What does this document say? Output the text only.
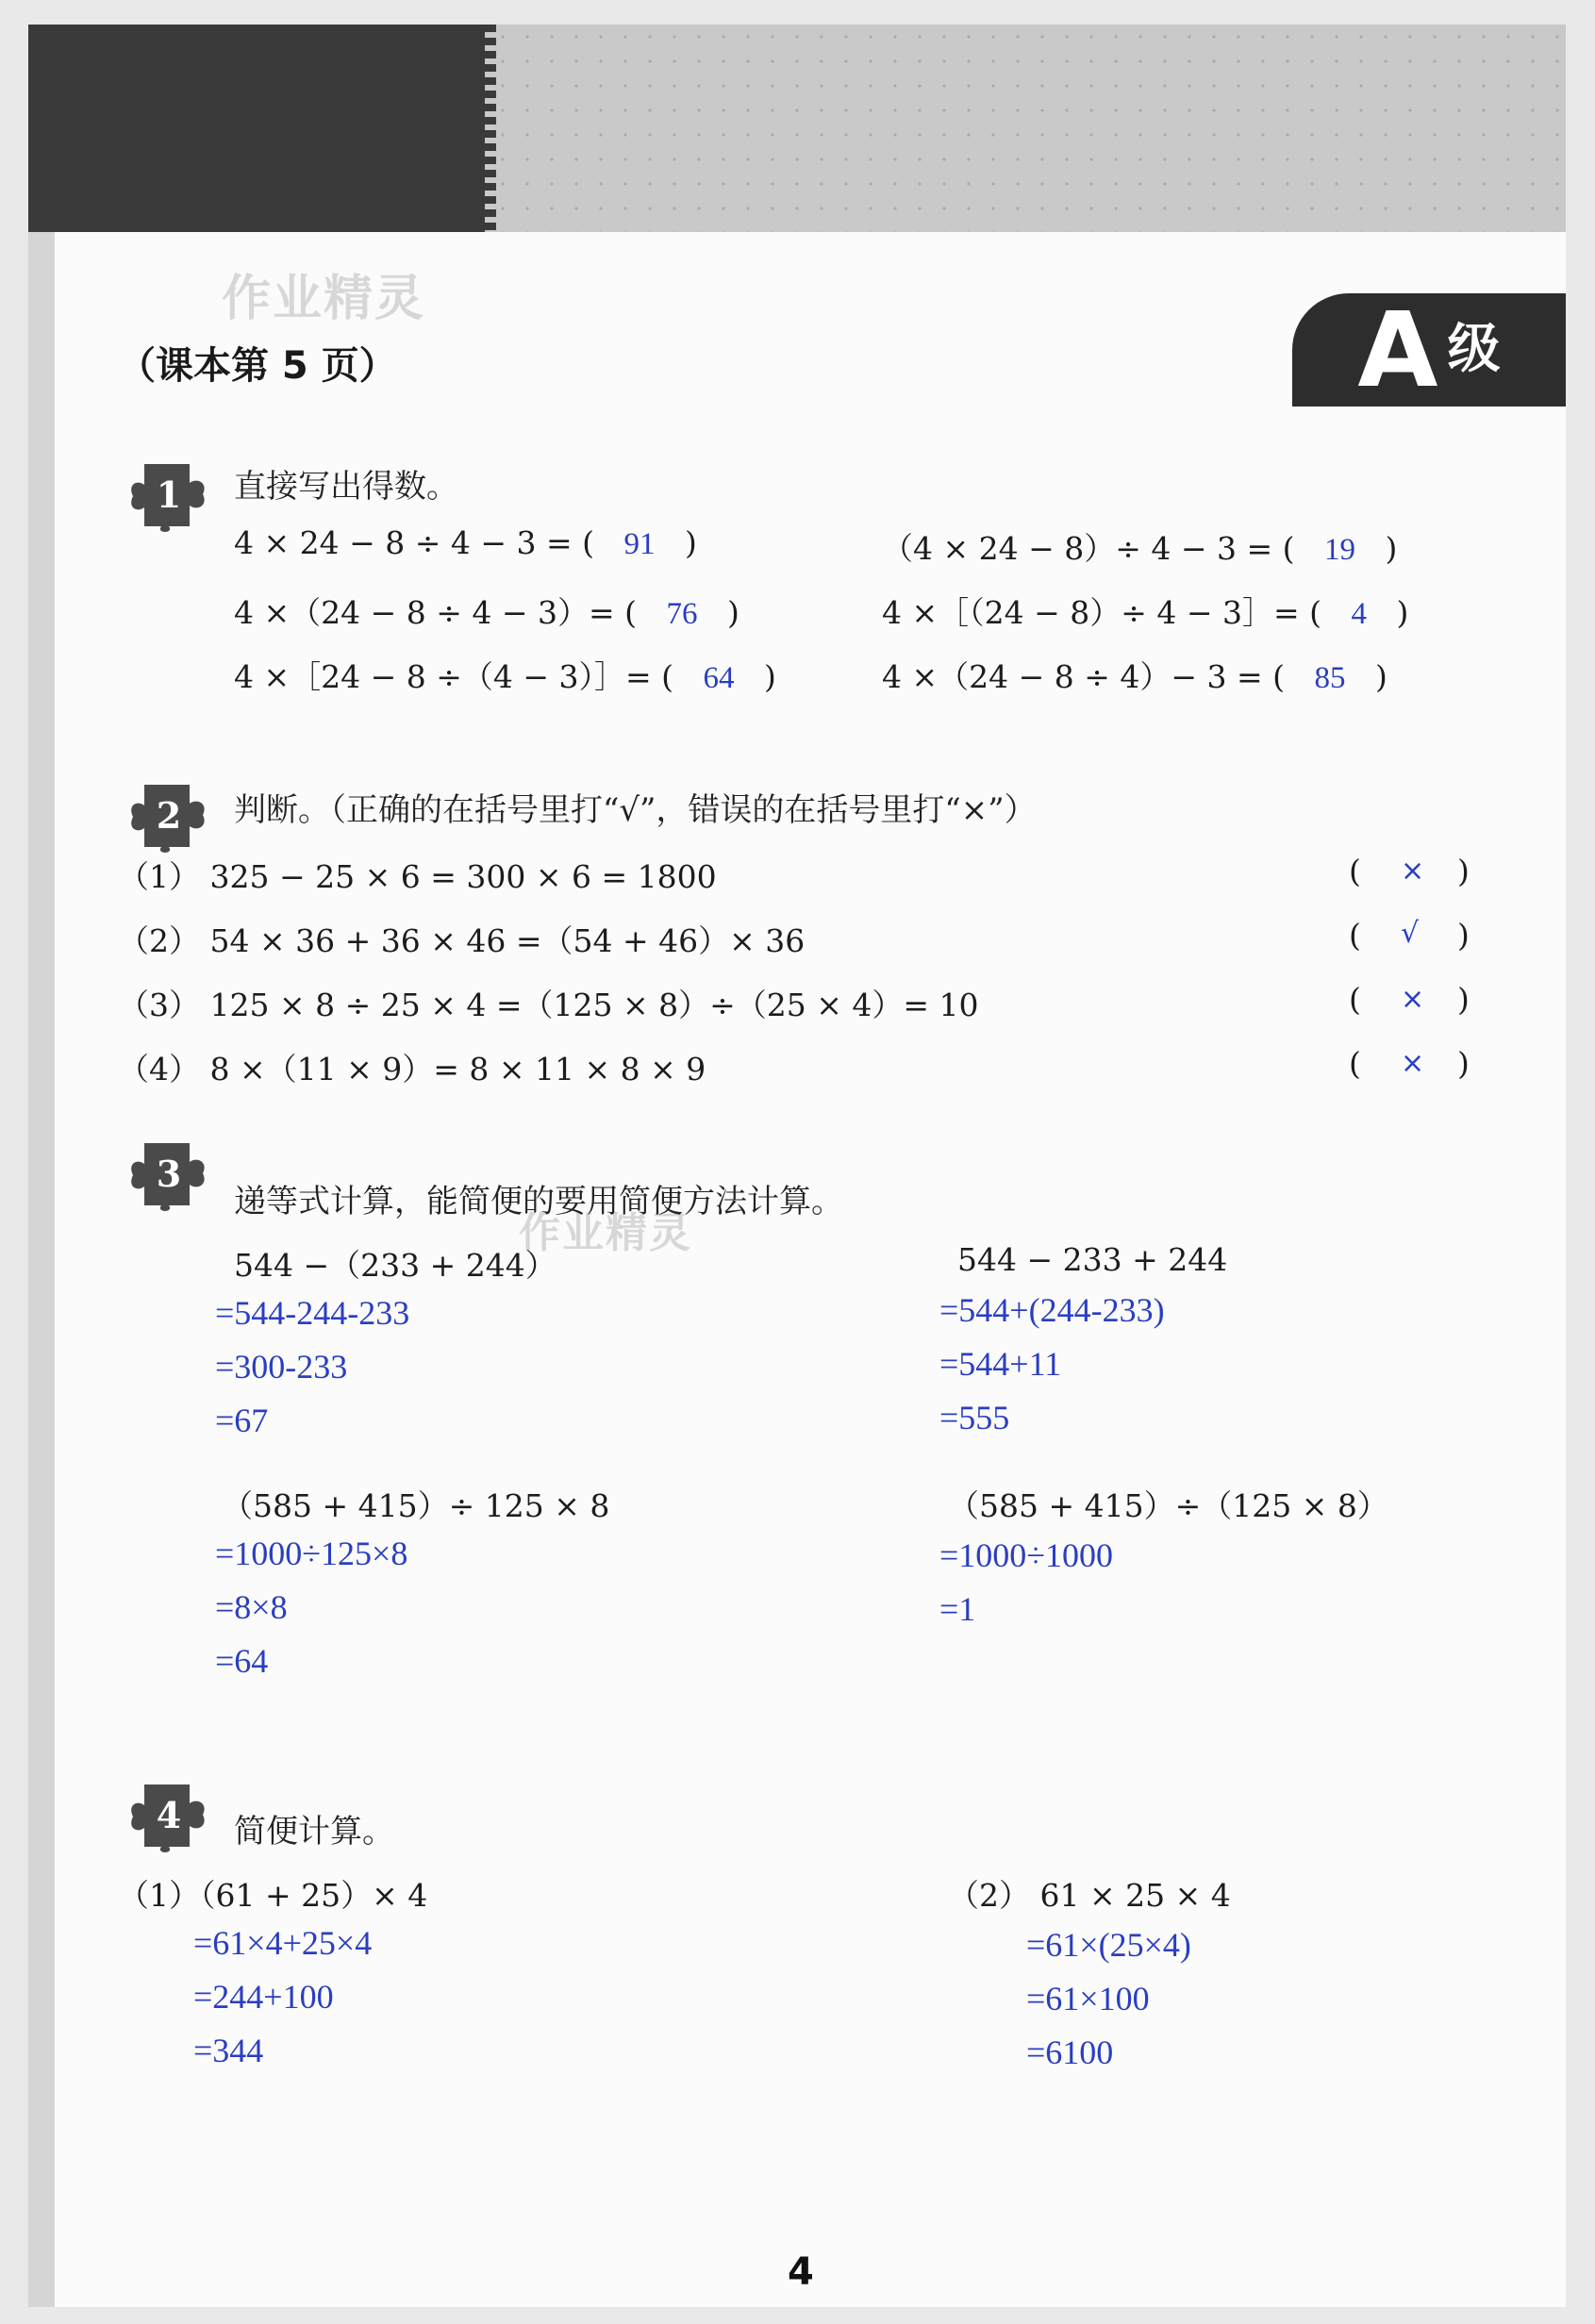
作业精灵
作业精灵
（课本第 5 页）	A 级
1 直接写出得数。
4 × 24 − 8 ÷ 4 − 3 = ( 91 )	（4 × 24 − 8）÷ 4 − 3 = ( 19 )
4 ×（24 − 8 ÷ 4 − 3）= ( 76 )	4 ×［（24 − 8）÷ 4 − 3］= ( 4 )
4 ×［24 − 8 ÷（4 − 3）］= ( 64 )	4 ×（24 − 8 ÷ 4）− 3 = ( 85 )
2 判断。（正确的在括号里打“√”，错误的在括号里打“×”）
（1） 325 − 25 × 6 = 300 × 6 = 1800	( × )
（2） 54 × 36 + 36 × 46 =（54 + 46）× 36	( √ )
（3） 125 × 8 ÷ 25 × 4 =（125 × 8）÷（25 × 4）= 10	( × )
（4） 8 ×（11 × 9）= 8 × 11 × 8 × 9	( × )
3
递等式计算，能简便的要用简便方法计算。
544 −（233 + 244）
=544-244-233
=300-233
=67
544 − 233 + 244
=544+(244-233)
=544+11
=555
（585 + 415）÷ 125 × 8
=1000÷125×8
=8×8
=64
（585 + 415）÷（125 × 8）
=1000÷1000
=1
4 简便计算。
（1）（61 + 25）× 4
=61×4+25×4
=244+100
=344
（2） 61 × 25 × 4
=61×(25×4)
=61×100
=6100
4
